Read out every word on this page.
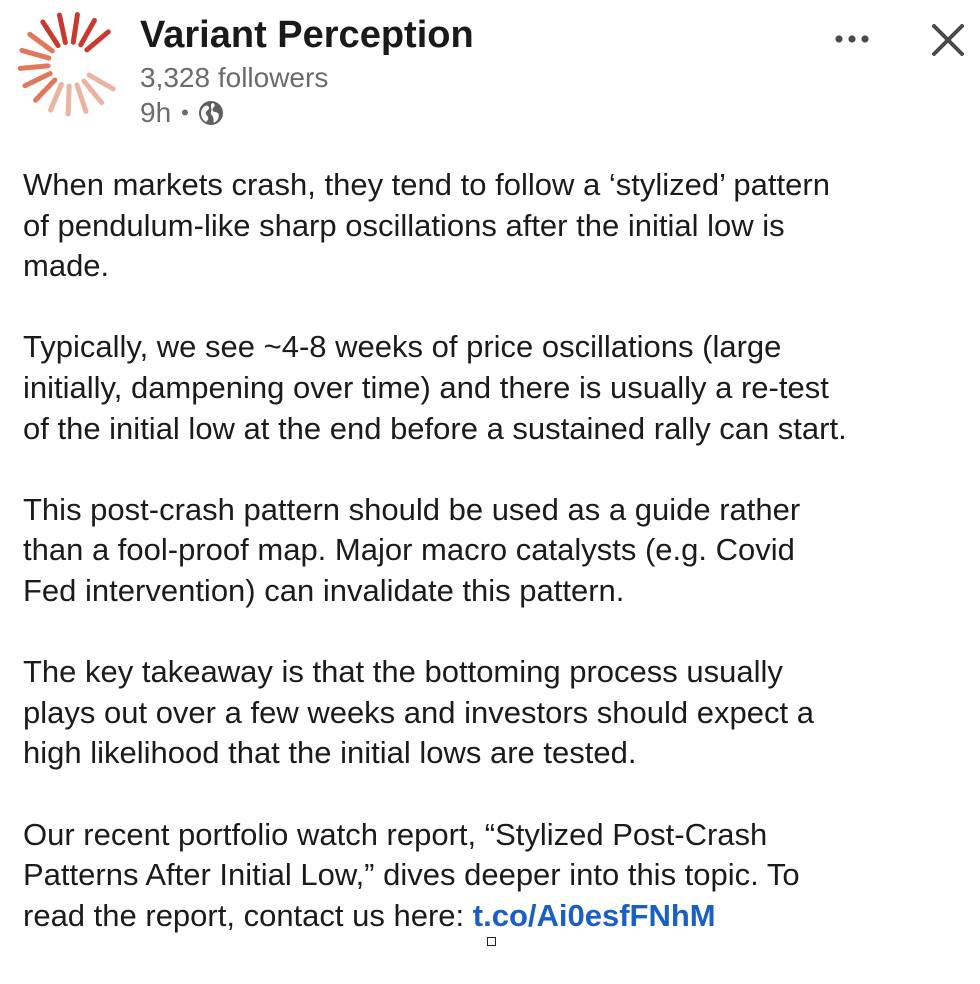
Variant Perception
3,328 followers
9h •

When markets crash, they tend to follow a ‘stylized’ pattern
of pendulum-like sharp oscillations after the initial low is
made.

Typically, we see ~4-8 weeks of price oscillations (large
initially, dampening over time) and there is usually a re-test
of the initial low at the end before a sustained rally can start.

This post-crash pattern should be used as a guide rather
than a fool-proof map. Major macro catalysts (e.g. Covid
Fed intervention) can invalidate this pattern.

The key takeaway is that the bottoming process usually
plays out over a few weeks and investors should expect a
high likelihood that the initial lows are tested.

Our recent portfolio watch report, “Stylized Post-Crash
Patterns After Initial Low,” dives deeper into this topic. To
read the report, contact us here: t.co/Ai0esfFNhM
